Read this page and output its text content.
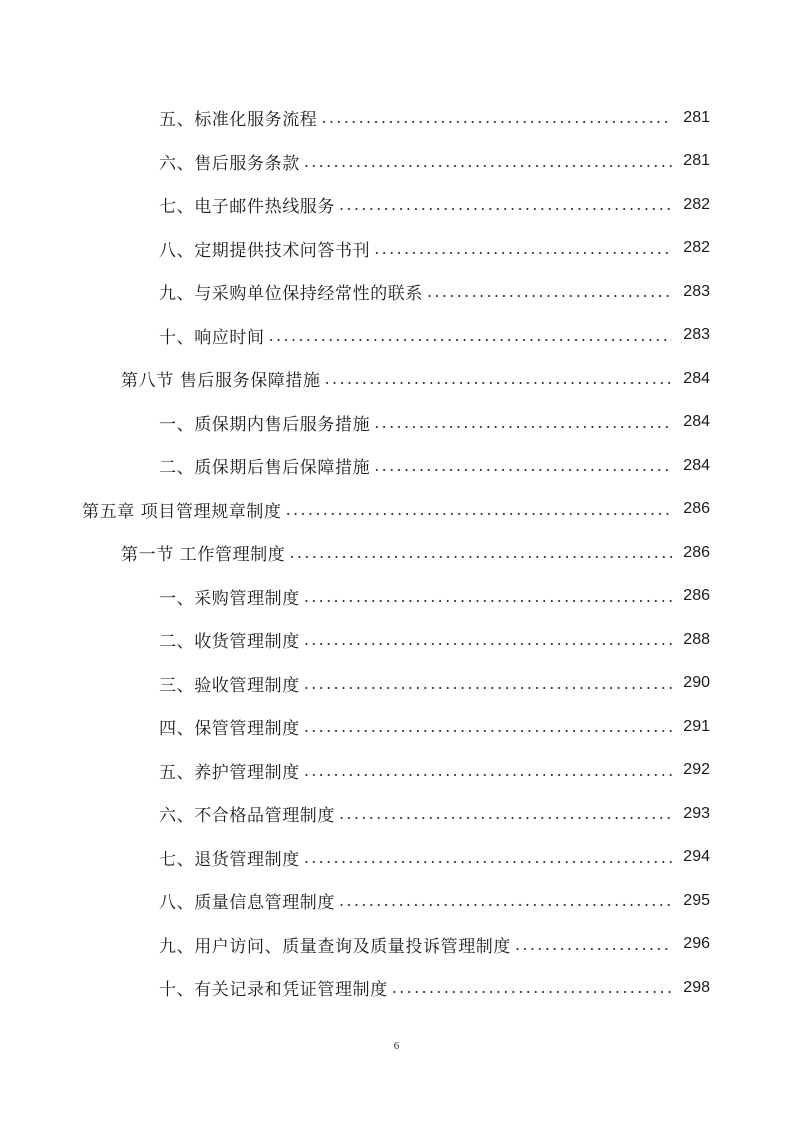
五、标准化服务流程 .....	281
六、售后服务条款 .....	281
七、电子邮件热线服务 .....	282
八、定期提供技术问答书刊 .....	282
九、与采购单位保持经常性的联系 .....	283
十、响应时间 .....	283
第八节 售后服务保障措施 .....	284
一、质保期内售后服务措施 .....	284
二、质保期后售后保障措施 .....	284
第五章 项目管理规章制度 .....	286
第一节 工作管理制度 .....	286
一、采购管理制度 .....	286
二、收货管理制度 .....	288
三、验收管理制度 .....	290
四、保管管理制度 .....	291
五、养护管理制度 .....	292
六、不合格品管理制度 .....	293
七、退货管理制度 .....	294
八、质量信息管理制度 .....	295
九、用户访问、质量查询及质量投诉管理制度 .....	296
十、有关记录和凭证管理制度 .....	298
6
